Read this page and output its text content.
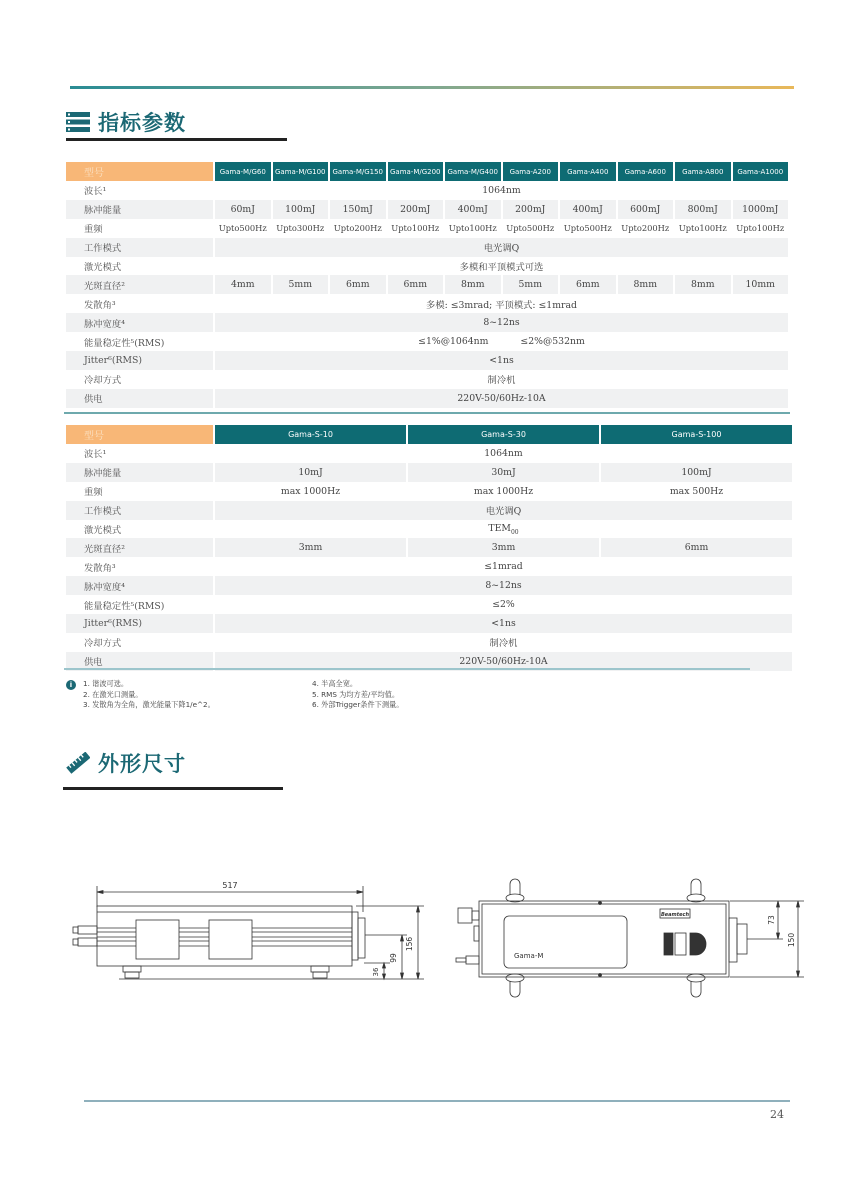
指标参数
型号	Gama-M/G60	Gama-M/G100	Gama-M/G150	Gama-M/G200	Gama-M/G400	Gama-A200	Gama-A400	Gama-A600	Gama-A800	Gama-A1000
波长¹	1064nm									
脉冲能量	60mJ	100mJ	150mJ	200mJ	400mJ	200mJ	400mJ	600mJ	800mJ	1000mJ
重频	Upto500Hz	Upto300Hz	Upto200Hz	Upto100Hz	Upto100Hz	Upto500Hz	Upto500Hz	Upto200Hz	Upto100Hz	Upto100Hz
工作模式	电光调Q									
激光模式	多模和平顶模式可选									
光斑直径²	4mm	5mm	6mm	6mm	8mm	5mm	6mm	8mm	8mm	10mm
发散角³	多模: ≤3mrad; 平顶模式: ≤1mrad									
脉冲宽度⁴	8~12ns									
能量稳定性⁵(RMS)	≤1%@1064nm ≤2%@532nm									
Jitter⁶(RMS)	<1ns									
冷却方式	制冷机									
供电	220V-50/60Hz-10A									
型号	Gama-S-10	Gama-S-30	Gama-S-100
波长¹	1064nm		
脉冲能量	10mJ	30mJ	100mJ
重频	max 1000Hz	max 1000Hz	max 500Hz
工作模式	电光调Q		
激光模式	$TEM_{00}$
光斑直径²	3mm	3mm	6mm
发散角³	≤1mrad		
脉冲宽度⁴	8~12ns		
能量稳定性⁵(RMS)	≤2%		
Jitter⁶(RMS)	<1ns		
冷却方式	制冷机		
供电	220V-50/60Hz-10A		
i	1. 谐波可选。
2. 在激光口测量。
3. 发散角为全角，激光能量下降1/e^2。
4. 半高全宽。
5. RMS 为均方差/平均值。
6. 外部Trigger条件下测量。
外形尺寸
517
156
99
36
Gama-M
Beamtech
73
150
24
